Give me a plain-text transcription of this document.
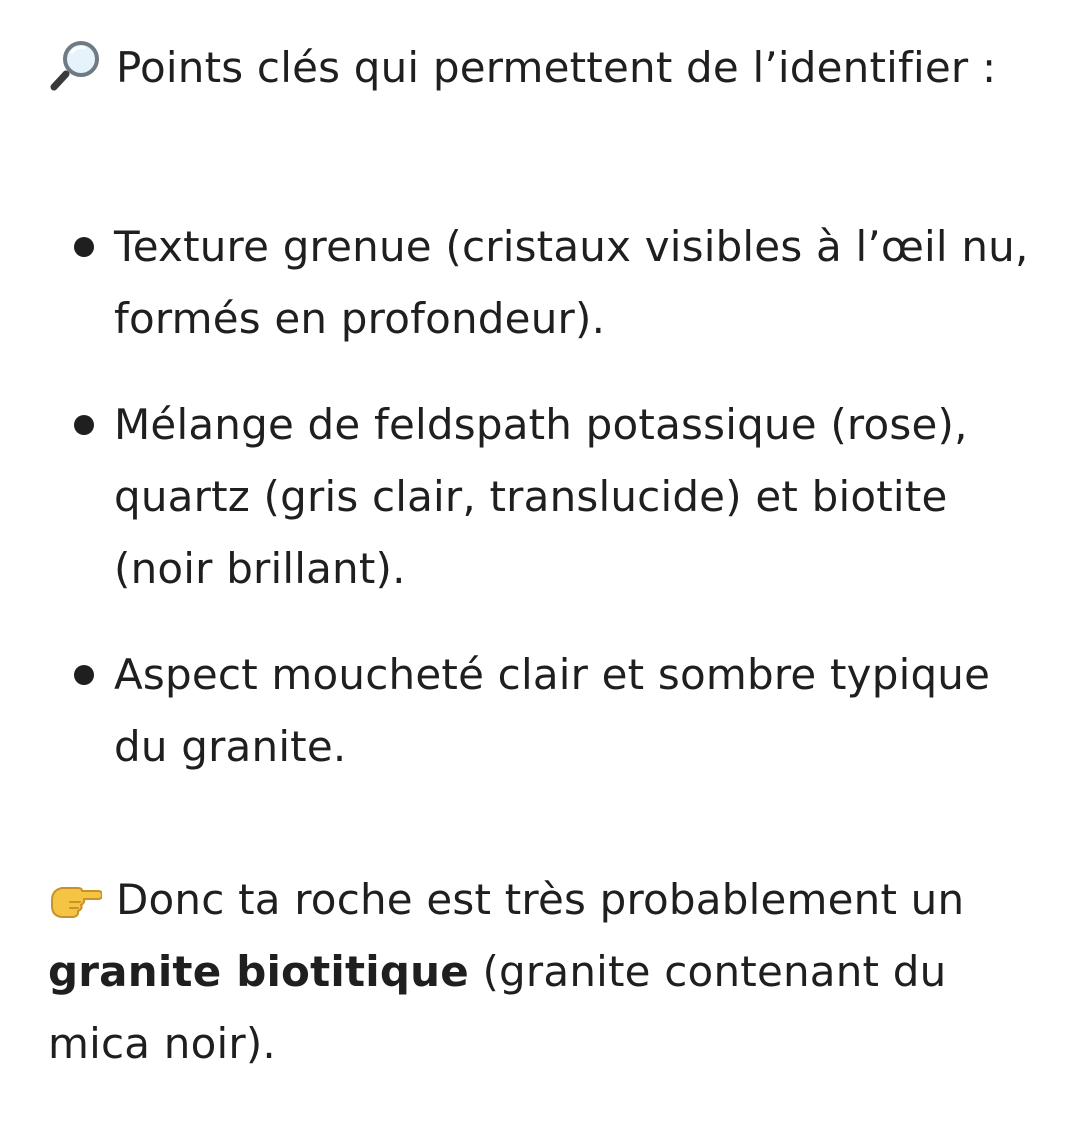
Points clés qui permettent de l’identifier :

Texture grenue (cristaux visibles à l’œil nu, formés en profondeur).
Mélange de feldspath potassique (rose), quartz (gris clair, translucide) et biotite (noir brillant).
Aspect moucheté clair et sombre typique du granite.

Donc ta roche est très probablement un granite biotitique (granite contenant du mica noir).
